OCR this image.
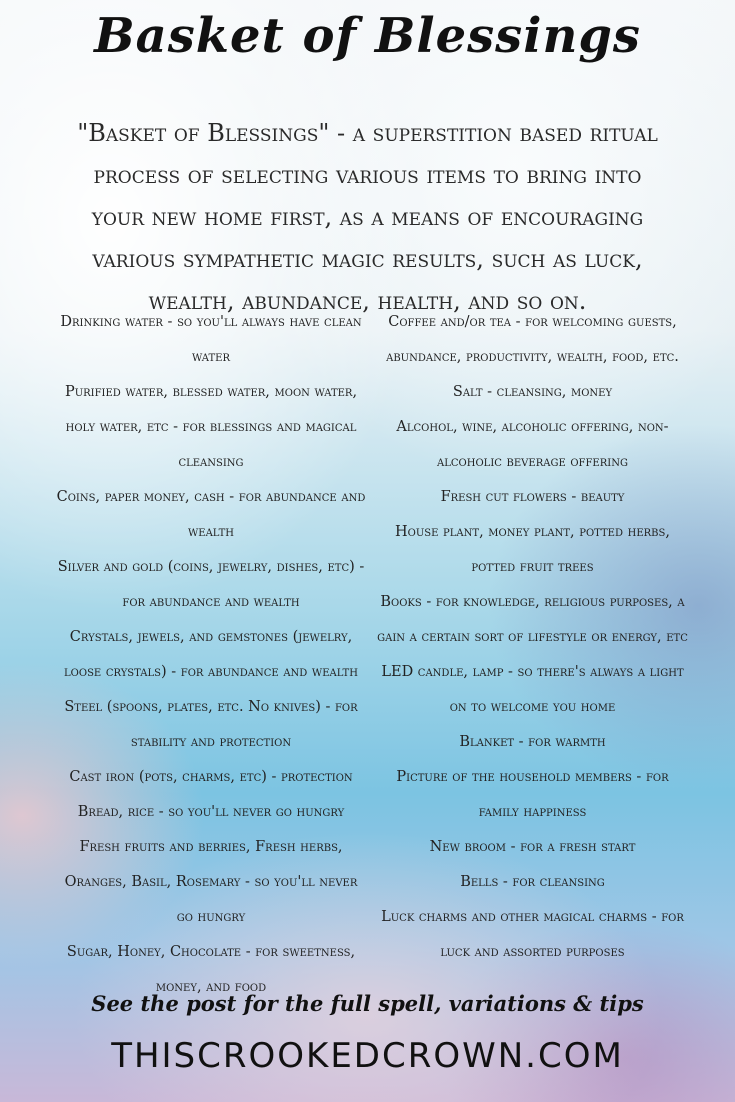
Basket of Blessings

"Basket of Blessings" - a superstition based ritual process of selecting various items to bring into your new home first, as a means of encouraging various sympathetic magic results, such as luck, wealth, abundance, health, and so on.

Drinking water - so you'll always have clean water
Purified water, blessed water, moon water, holy water, etc - for blessings and magical cleansing
Coins, paper money, cash - for abundance and wealth
Silver and gold (coins, jewelry, dishes, etc) - for abundance and wealth
Crystals, jewels, and gemstones (jewelry, loose crystals) - for abundance and wealth
Steel (spoons, plates, etc. No knives) - for stability and protection
Cast iron (pots, charms, etc) - protection
Bread, rice - so you'll never go hungry
Fresh fruits and berries, Fresh herbs, Oranges, Basil, Rosemary - so you'll never go hungry
Sugar, Honey, Chocolate - for sweetness, money, and food
Coffee and/or tea - for welcoming guests, abundance, productivity, wealth, food, etc.
Salt - cleansing, money
Alcohol, wine, alcoholic offering, non-alcoholic beverage offering
Fresh cut flowers - beauty
House plant, money plant, potted herbs, potted fruit trees
Books - for knowledge, religious purposes, a gain a certain sort of lifestyle or energy, etc
LED candle, lamp - so there's always a light on to welcome you home
Blanket - for warmth
Picture of the household members - for family happiness
New broom - for a fresh start
Bells - for cleansing
Luck charms and other magical charms - for luck and assorted purposes

See the post for the full spell, variations & tips

THISCROOKEDCROWN.COM
